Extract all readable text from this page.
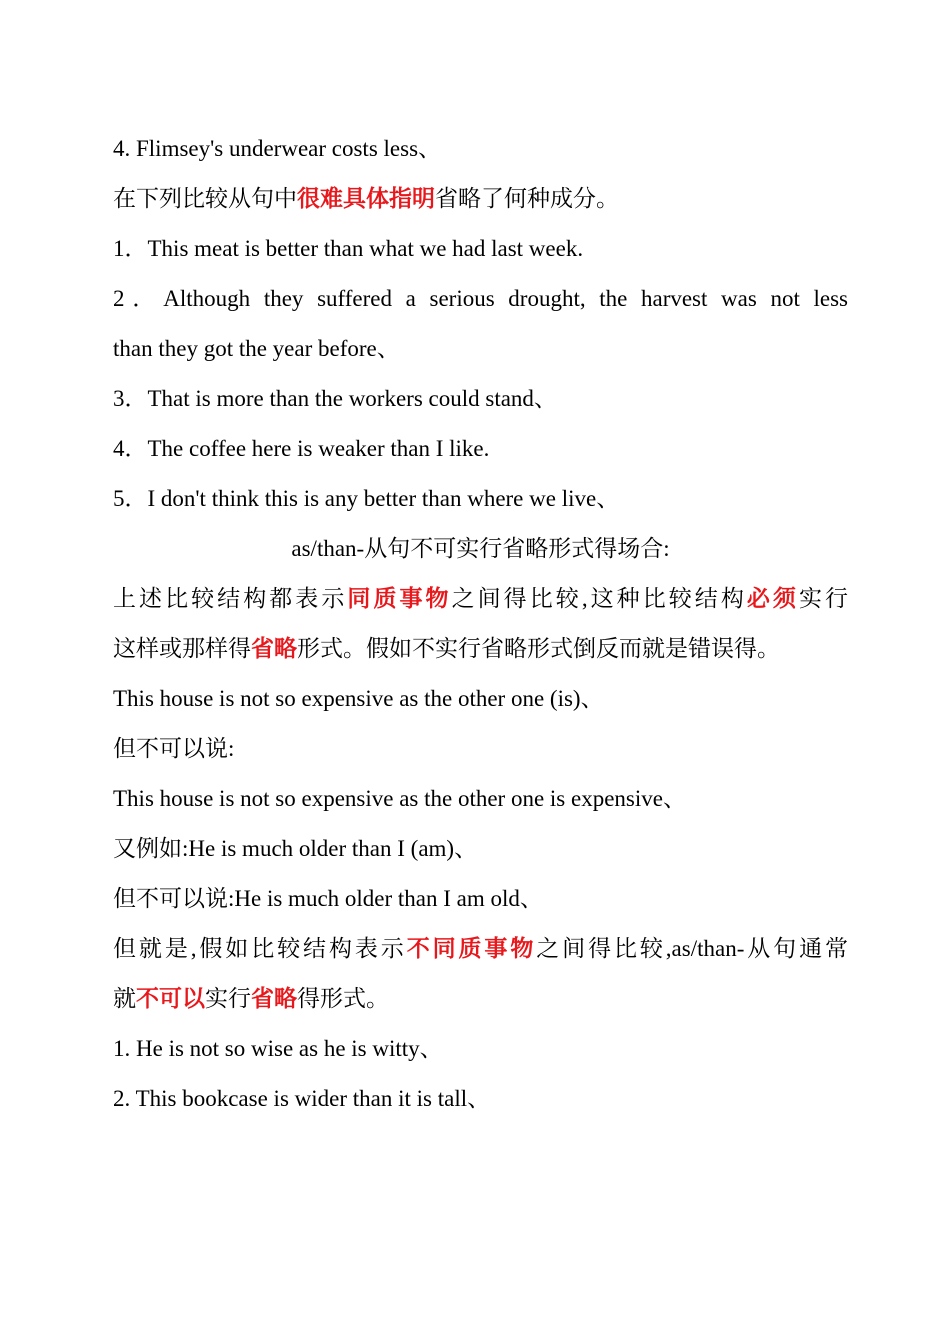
4. Flimsey's underwear costs less、
在下列比较从句中很难具体指明省略了何种成分。
1．This meat is better than what we had last week.
2．Although they suffered a serious drought, the harvest was not less
than they got the year before、
3．That is more than the workers could stand、
4．The coffee here is weaker than I like.
5．I don't think this is any better than where we live、
as/than-从句不可实行省略形式得场合:
上述比较结构都表示同质事物之间得比较,这种比较结构必须实行
这样或那样得省略形式。假如不实行省略形式倒反而就是错误得。
This house is not so expensive as the other one (is)、
但不可以说:
This house is not so expensive as the other one is expensive、
又例如:He is much older than I (am)、
但不可以说:He is much older than I am old、
但就是,假如比较结构表示不同质事物之间得比较,as/than-从句通常
就不可以实行省略得形式。
1. He is not so wise as he is witty、
2. This bookcase is wider than it is tall、
